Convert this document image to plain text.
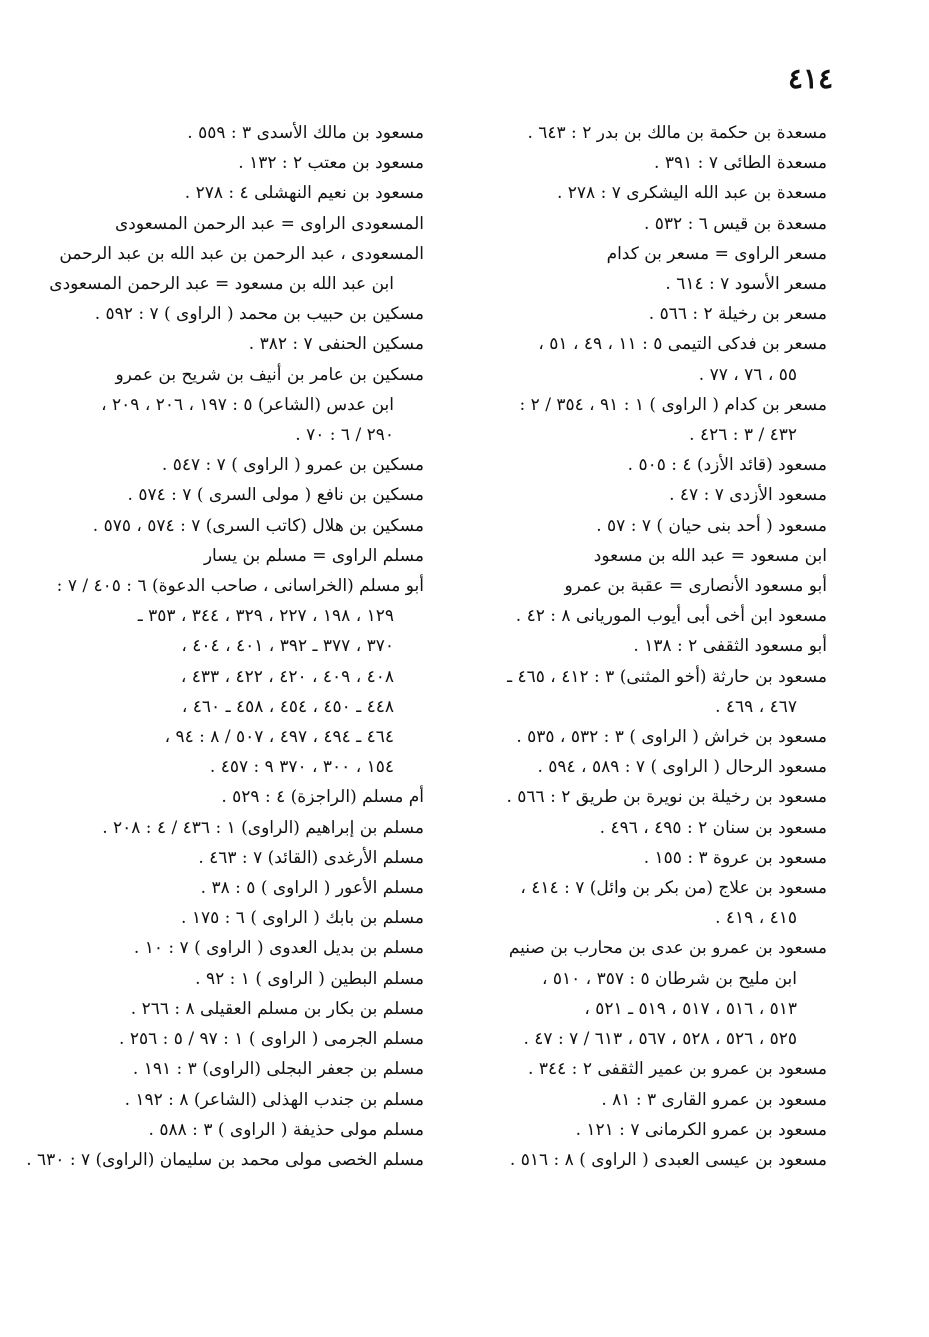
٤١٤
مسعدة بن حكمة بن مالك بن بدر ٢ : ٦٤٣ .
مسعدة الطائى ٧ : ٣٩١ .
مسعدة بن عبد الله اليشكرى ٧ : ٢٧٨ .
مسعدة بن قيس ٦ : ٥٣٢ .
مسعر الراوى = مسعر بن كدام
مسعر الأسود ٧ : ٦١٤ .
مسعر بن رخيلة ٢ : ٥٦٦ .
مسعر بن فدكى التيمى ٥ : ١١ ، ٤٩ ، ٥١ ،
٥٥ ، ٧٦ ، ٧٧ .
مسعر بن كدام ( الراوى ) ١ : ٩١ ، ٣٥٤ / ٢ :
٤٣٢ / ٣ : ٤٢٦ .
مسعود (قائد الأزد) ٤ : ٥٠٥ .
مسعود الأزدى ٧ : ٤٧ .
مسعود ( أحد بنى حيان ) ٧ : ٥٧ .
ابن مسعود = عبد الله بن مسعود
أبو مسعود الأنصارى = عقبة بن عمرو
مسعود ابن أخى أبى أيوب الموريانى ٨ : ٤٢ .
أبو مسعود الثقفى ٢ : ١٣٨ .
مسعود بن حارثة (أخو المثنى) ٣ : ٤١٢ ، ٤٦٥ ـ
٤٦٧ ، ٤٦٩ .
مسعود بن خراش ( الراوى ) ٣ : ٥٣٢ ، ٥٣٥ .
مسعود الرحال ( الراوى ) ٧ : ٥٨٩ ، ٥٩٤ .
مسعود بن رخيلة بن نويرة بن طريق ٢ : ٥٦٦ .
مسعود بن سنان ٢ : ٤٩٥ ، ٤٩٦ .
مسعود بن عروة ٣ : ١٥٥ .
مسعود بن علاج (من بكر بن وائل) ٧ : ٤١٤ ،
٤١٥ ، ٤١٩ .
مسعود بن عمرو بن عدى بن محارب بن صنيم
ابن مليح بن شرطان ٥ : ٣٥٧ ، ٥١٠ ،
٥١٣ ، ٥١٦ ، ٥١٧ ، ٥١٩ ـ ٥٢١ ،
٥٢٥ ، ٥٢٦ ، ٥٢٨ ، ٥٦٧ ، ٦١٣ / ٧ : ٤٧ .
مسعود بن عمرو بن عمير الثقفى ٢ : ٣٤٤ .
مسعود بن عمرو القارى ٣ : ٨١ .
مسعود بن عمرو الكرمانى ٧ : ١٢١ .
مسعود بن عيسى العبدى ( الراوى ) ٨ : ٥١٦ .
مسعود بن مالك الأسدى ٣ : ٥٥٩ .
مسعود بن معتب ٢ : ١٣٢ .
مسعود بن نعيم النهشلى ٤ : ٢٧٨ .
المسعودى الراوى = عبد الرحمن المسعودى
المسعودى ، عبد الرحمن بن عبد الله بن عبد الرحمن
ابن عبد الله بن مسعود = عبد الرحمن المسعودى
مسكين بن حبيب بن محمد ( الراوى ) ٧ : ٥٩٢ .
مسكين الحنفى ٧ : ٣٨٢ .
مسكين بن عامر بن أنيف بن شريح بن عمرو
ابن عدس (الشاعر) ٥ : ١٩٧ ، ٢٠٦ ، ٢٠٩ ،
٢٩٠ / ٦ : ٧٠ .
مسكين بن عمرو ( الراوى ) ٧ : ٥٤٧ .
مسكين بن نافع ( مولى السرى ) ٧ : ٥٧٤ .
مسكين بن هلال (كاتب السرى) ٧ : ٥٧٤ ، ٥٧٥ .
مسلم الراوى = مسلم بن يسار
أبو مسلم (الخراسانى ، صاحب الدعوة) ٦ : ٤٠٥ / ٧ :
١٢٩ ، ١٩٨ ، ٢٢٧ ، ٣٢٩ ، ٣٤٤ ، ٣٥٣ ـ
٣٧٠ ، ٣٧٧ ـ ٣٩٢ ، ٤٠١ ، ٤٠٤ ،
٤٠٨ ، ٤٠٩ ، ٤٢٠ ، ٤٢٢ ، ٤٣٣ ،
٤٤٨ ـ ٤٥٠ ، ٤٥٤ ، ٤٥٨ ـ ٤٦٠ ،
٤٦٤ ـ ٤٩٤ ، ٤٩٧ ، ٥٠٧ / ٨ : ٩٤ ،
١٥٤ ، ٣٠٠ ، ٣٧٠ ٩ : ٤٥٧ .
أم مسلم (الراجزة) ٤ : ٥٢٩ .
مسلم بن إبراهيم (الراوى) ١ : ٤٣٦ / ٤ : ٢٠٨ .
مسلم الأرغدى (القائد) ٧ : ٤٦٣ .
مسلم الأعور ( الراوى ) ٥ : ٣٨ .
مسلم بن بابك ( الراوى ) ٦ : ١٧٥ .
مسلم بن بديل العدوى ( الراوى ) ٧ : ١٠ .
مسلم البطين ( الراوى ) ١ : ٩٢ .
مسلم بن بكار بن مسلم العقيلى ٨ : ٢٦٦ .
مسلم الجرمى ( الراوى ) ١ : ٩٧ / ٥ : ٢٥٦ .
مسلم بن جعفر البجلى (الراوى) ٣ : ١٩١ .
مسلم بن جندب الهذلى (الشاعر) ٨ : ١٩٢ .
مسلم مولى حذيفة ( الراوى ) ٣ : ٥٨٨ .
مسلم الخصى مولى محمد بن سليمان (الراوى) ٧ : ٦٣٠ .
